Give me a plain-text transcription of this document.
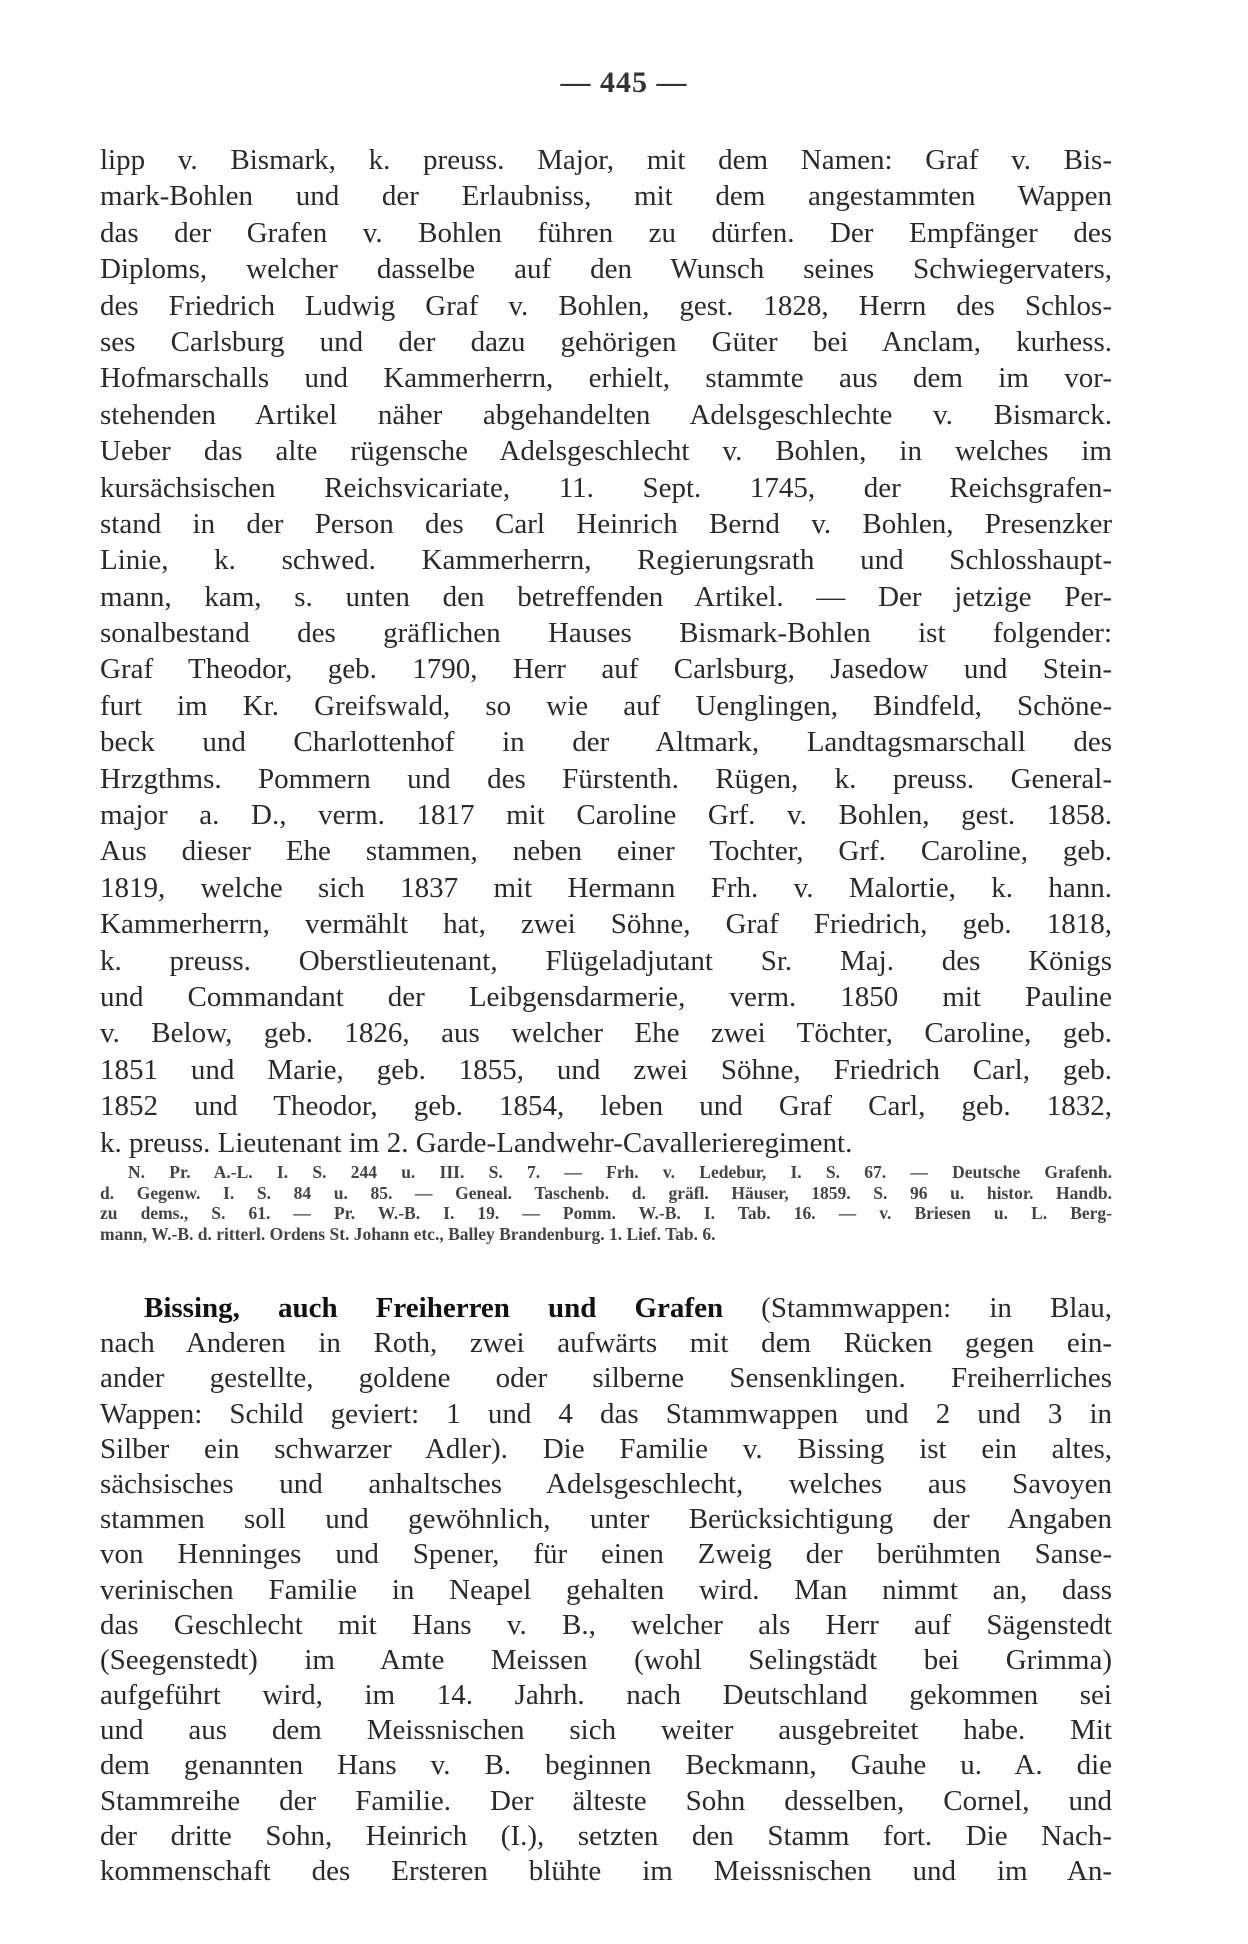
— 445 —
lipp v. Bismark, k. preuss. Major, mit dem Namen: Graf v. Bis-
mark-Bohlen und der Erlaubniss, mit dem angestammten Wappen
das der Grafen v. Bohlen führen zu dürfen. Der Empfänger des
Diploms, welcher dasselbe auf den Wunsch seines Schwiegervaters,
des Friedrich Ludwig Graf v. Bohlen, gest. 1828, Herrn des Schlos-
ses Carlsburg und der dazu gehörigen Güter bei Anclam, kurhess.
Hofmarschalls und Kammerherrn, erhielt, stammte aus dem im vor-
stehenden Artikel näher abgehandelten Adelsgeschlechte v. Bismarck.
Ueber das alte rügensche Adelsgeschlecht v. Bohlen, in welches im
kursächsischen Reichsvicariate, 11. Sept. 1745, der Reichsgrafen-
stand in der Person des Carl Heinrich Bernd v. Bohlen, Presenzker
Linie, k. schwed. Kammerherrn, Regierungsrath und Schlosshaupt-
mann, kam, s. unten den betreffenden Artikel. — Der jetzige Per-
sonalbestand des gräflichen Hauses Bismark-Bohlen ist folgender:
Graf Theodor, geb. 1790, Herr auf Carlsburg, Jasedow und Stein-
furt im Kr. Greifswald, so wie auf Uenglingen, Bindfeld, Schöne-
beck und Charlottenhof in der Altmark, Landtagsmarschall des
Hrzgthms. Pommern und des Fürstenth. Rügen, k. preuss. General-
major a. D., verm. 1817 mit Caroline Grf. v. Bohlen, gest. 1858.
Aus dieser Ehe stammen, neben einer Tochter, Grf. Caroline, geb.
1819, welche sich 1837 mit Hermann Frh. v. Malortie, k. hann.
Kammerherrn, vermählt hat, zwei Söhne, Graf Friedrich, geb. 1818,
k. preuss. Oberstlieutenant, Flügeladjutant Sr. Maj. des Königs
und Commandant der Leibgensdarmerie, verm. 1850 mit Pauline
v. Below, geb. 1826, aus welcher Ehe zwei Töchter, Caroline, geb.
1851 und Marie, geb. 1855, und zwei Söhne, Friedrich Carl, geb.
1852 und Theodor, geb. 1854, leben und Graf Carl, geb. 1832,
k. preuss. Lieutenant im 2. Garde-Landwehr-Cavallerieregiment.
N. Pr. A.-L. I. S. 244 u. III. S. 7. — Frh. v. Ledebur, I. S. 67. — Deutsche Grafenh.
d. Gegenw. I. S. 84 u. 85. — Geneal. Taschenb. d. gräfl. Häuser, 1859. S. 96 u. histor. Handb.
zu dems., S. 61. — Pr. W.-B. I. 19. — Pomm. W.-B. I. Tab. 16. — v. Briesen u. L. Berg-
mann, W.-B. d. ritterl. Ordens St. Johann etc., Balley Brandenburg. 1. Lief. Tab. 6.
Bissing, auch Freiherren und Grafen (Stammwappen: in Blau,
nach Anderen in Roth, zwei aufwärts mit dem Rücken gegen ein-
ander gestellte, goldene oder silberne Sensenklingen. Freiherrliches
Wappen: Schild geviert: 1 und 4 das Stammwappen und 2 und 3 in
Silber ein schwarzer Adler). Die Familie v. Bissing ist ein altes,
sächsisches und anhaltsches Adelsgeschlecht, welches aus Savoyen
stammen soll und gewöhnlich, unter Berücksichtigung der Angaben
von Henninges und Spener, für einen Zweig der berühmten Sanse-
verinischen Familie in Neapel gehalten wird. Man nimmt an, dass
das Geschlecht mit Hans v. B., welcher als Herr auf Sägenstedt
(Seegenstedt) im Amte Meissen (wohl Selingstädt bei Grimma)
aufgeführt wird, im 14. Jahrh. nach Deutschland gekommen sei
und aus dem Meissnischen sich weiter ausgebreitet habe. Mit
dem genannten Hans v. B. beginnen Beckmann, Gauhe u. A. die
Stammreihe der Familie. Der älteste Sohn desselben, Cornel, und
der dritte Sohn, Heinrich (I.), setzten den Stamm fort. Die Nach-
kommenschaft des Ersteren blühte im Meissnischen und im An-
